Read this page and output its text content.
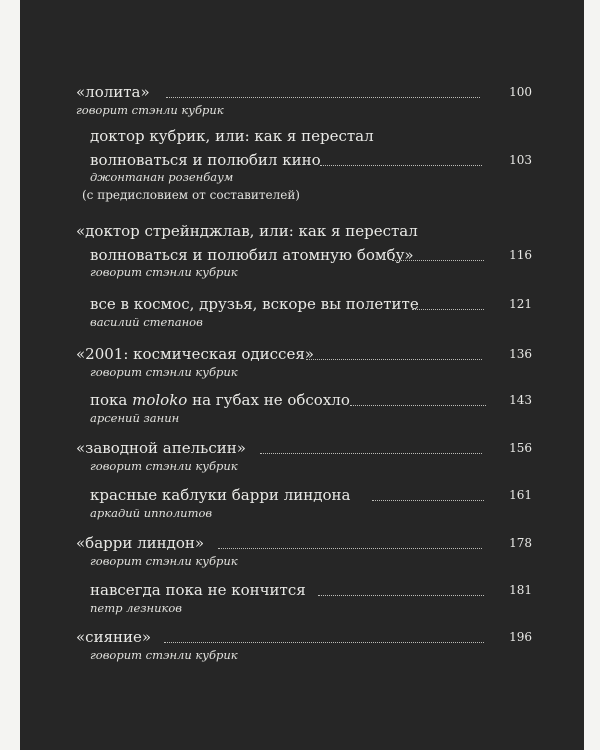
«лолита»	100
говорит стэнли кубрик
доктор кубрик, или: как я перестал
волноваться и полюбил кино	103
джонтанан розенбаум
(с предисловием от составителей)
«доктор стрейнджлав, или: как я перестал
волноваться и полюбил атомную бомбу»	116
говорит стэнли кубрик
все в космос, друзья, вскоре вы полетите	121
василий степанов
«2001: космическая одиссея»	136
говорит стэнли кубрик
пока moloko на губах не обсохло	143
арсений занин
«заводной апельсин»	156
говорит стэнли кубрик
красные каблуки барри линдона	161
аркадий ипполитов
«барри линдон»	178
говорит стэнли кубрик
навсегда пока не кончится	181
петр лезников
«сияние»	196
говорит стэнли кубрик
